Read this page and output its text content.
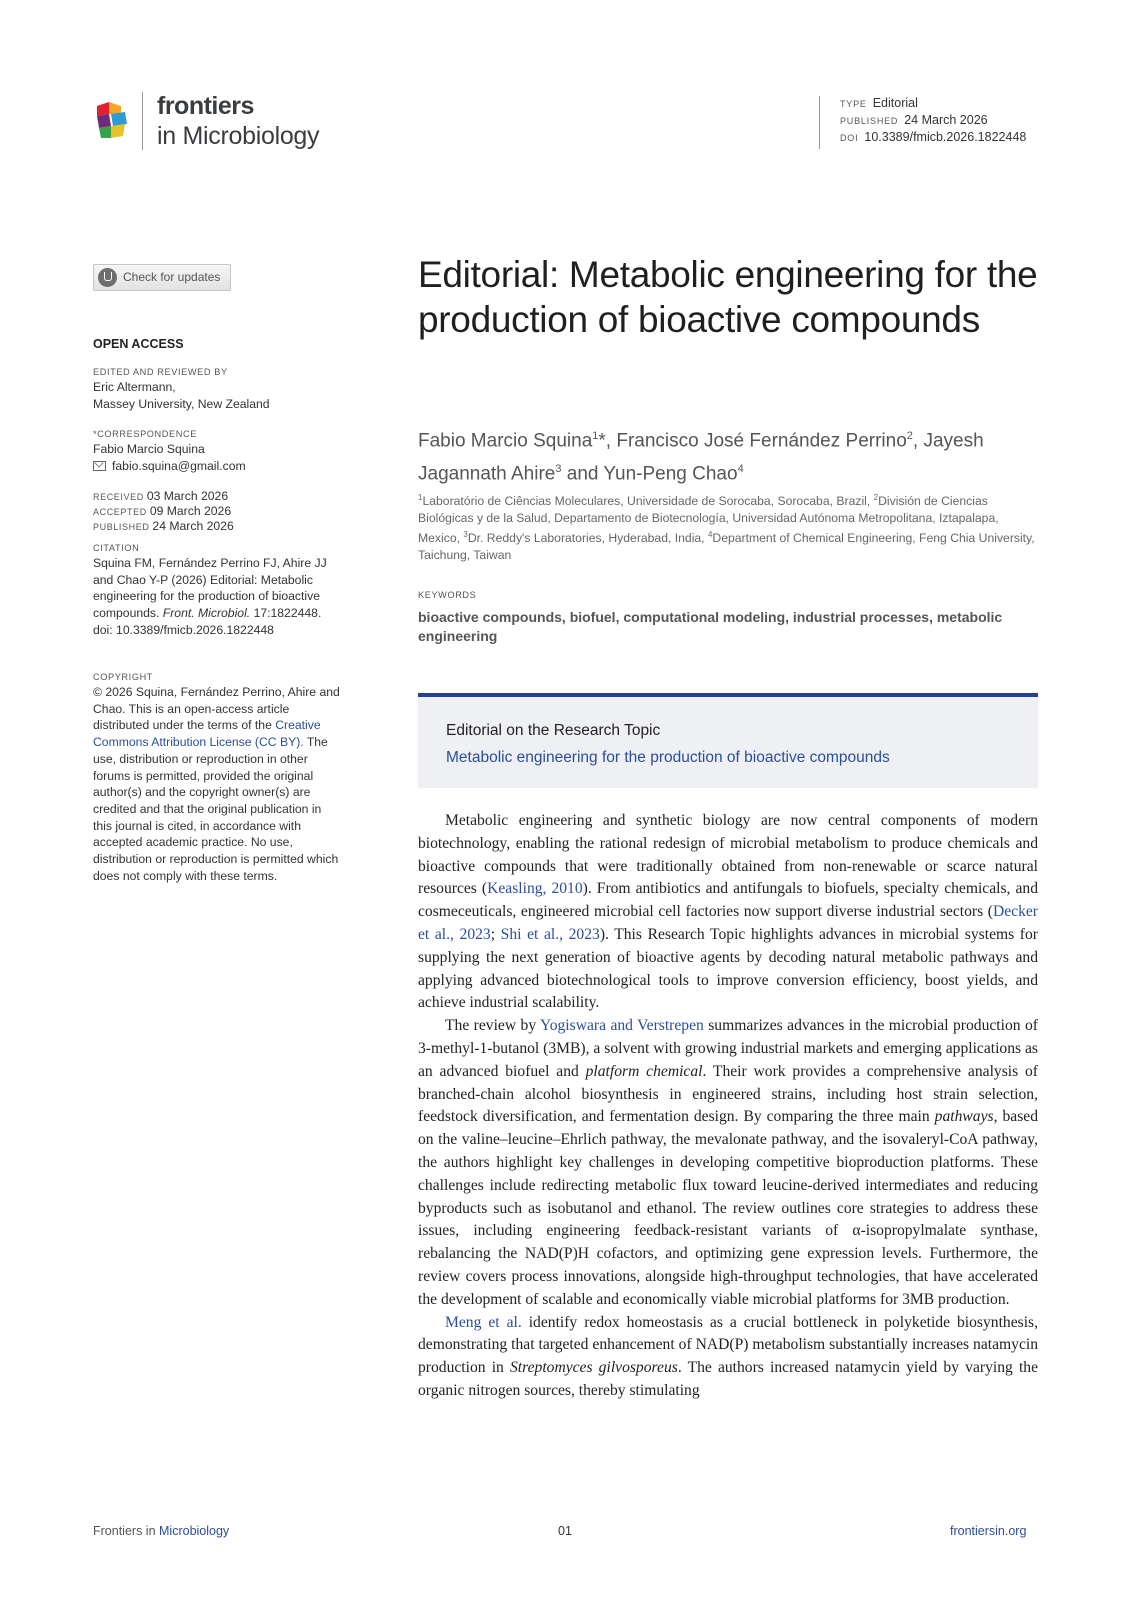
frontiers
in Microbiology
TYPE Editorial
PUBLISHED 24 March 2026
DOI 10.3389/fmicb.2026.1822448
Check for updates
OPEN ACCESS
EDITED AND REVIEWED BY
Eric Altermann,
Massey University, New Zealand
*CORRESPONDENCE
Fabio Marcio Squina
fabio.squina@gmail.com
RECEIVED 03 March 2026
ACCEPTED 09 March 2026
PUBLISHED 24 March 2026
CITATION
Squina FM, Fernández Perrino FJ, Ahire JJ and Chao Y-P (2026) Editorial: Metabolic engineering for the production of bioactive compounds. Front. Microbiol. 17:1822448.
doi: 10.3389/fmicb.2026.1822448
COPYRIGHT
© 2026 Squina, Fernández Perrino, Ahire and Chao. This is an open-access article distributed under the terms of the Creative Commons Attribution License (CC BY). The use, distribution or reproduction in other forums is permitted, provided the original author(s) and the copyright owner(s) are credited and that the original publication in this journal is cited, in accordance with accepted academic practice. No use, distribution or reproduction is permitted which does not comply with these terms.
Editorial: Metabolic engineering for the production of bioactive compounds
Fabio Marcio Squina$^1$*, Francisco José Fernández Perrino$^2$, Jayesh Jagannath Ahire$^3$ and Yun-Peng Chao$^4$
$^1$Laboratório de Ciências Moleculares, Universidade de Sorocaba, Sorocaba, Brazil, $^2$División de Ciencias Biológicas y de la Salud, Departamento de Biotecnología, Universidad Autónoma Metropolitana, Iztapalapa, Mexico, $^3$Dr. Reddy's Laboratories, Hyderabad, India, $^4$Department of Chemical Engineering, Feng Chia University, Taichung, Taiwan
KEYWORDS
bioactive compounds, biofuel, computational modeling, industrial processes, metabolic engineering
Editorial on the Research Topic
Metabolic engineering for the production of bioactive compounds

Metabolic engineering and synthetic biology are now central components of modern biotechnology, enabling the rational redesign of microbial metabolism to produce chemicals and bioactive compounds that were traditionally obtained from non-renewable or scarce natural resources (Keasling, 2010). From antibiotics and antifungals to biofuels, specialty chemicals, and cosmeceuticals, engineered microbial cell factories now support diverse industrial sectors (Decker et al., 2023; Shi et al., 2023). This Research Topic highlights advances in microbial systems for supplying the next generation of bioactive agents by decoding natural metabolic pathways and applying advanced biotechnological tools to improve conversion efficiency, boost yields, and achieve industrial scalability.

The review by Yogiswara and Verstrepen summarizes advances in the microbial production of 3-methyl-1-butanol (3MB), a solvent with growing industrial markets and emerging applications as an advanced biofuel and platform chemical. Their work provides a comprehensive analysis of branched-chain alcohol biosynthesis in engineered strains, including host strain selection, feedstock diversification, and fermentation design. By comparing the three main pathways, based on the valine–leucine–Ehrlich pathway, the mevalonate pathway, and the isovaleryl-CoA pathway, the authors highlight key challenges in developing competitive bioproduction platforms. These challenges include redirecting metabolic flux toward leucine-derived intermediates and reducing byproducts such as isobutanol and ethanol. The review outlines core strategies to address these issues, including engineering feedback-resistant variants of α-isopropylmalate synthase, rebalancing the NAD(P)H cofactors, and optimizing gene expression levels. Furthermore, the review covers process innovations, alongside high-throughput technologies, that have accelerated the development of scalable and economically viable microbial platforms for 3MB production.

Meng et al. identify redox homeostasis as a crucial bottleneck in polyketide biosynthesis, demonstrating that targeted enhancement of NAD(P) metabolism substantially increases natamycin production in Streptomyces gilvosporeus. The authors increased natamycin yield by varying the organic nitrogen sources, thereby stimulating

Frontiers in Microbiology	01	frontiersin.org
